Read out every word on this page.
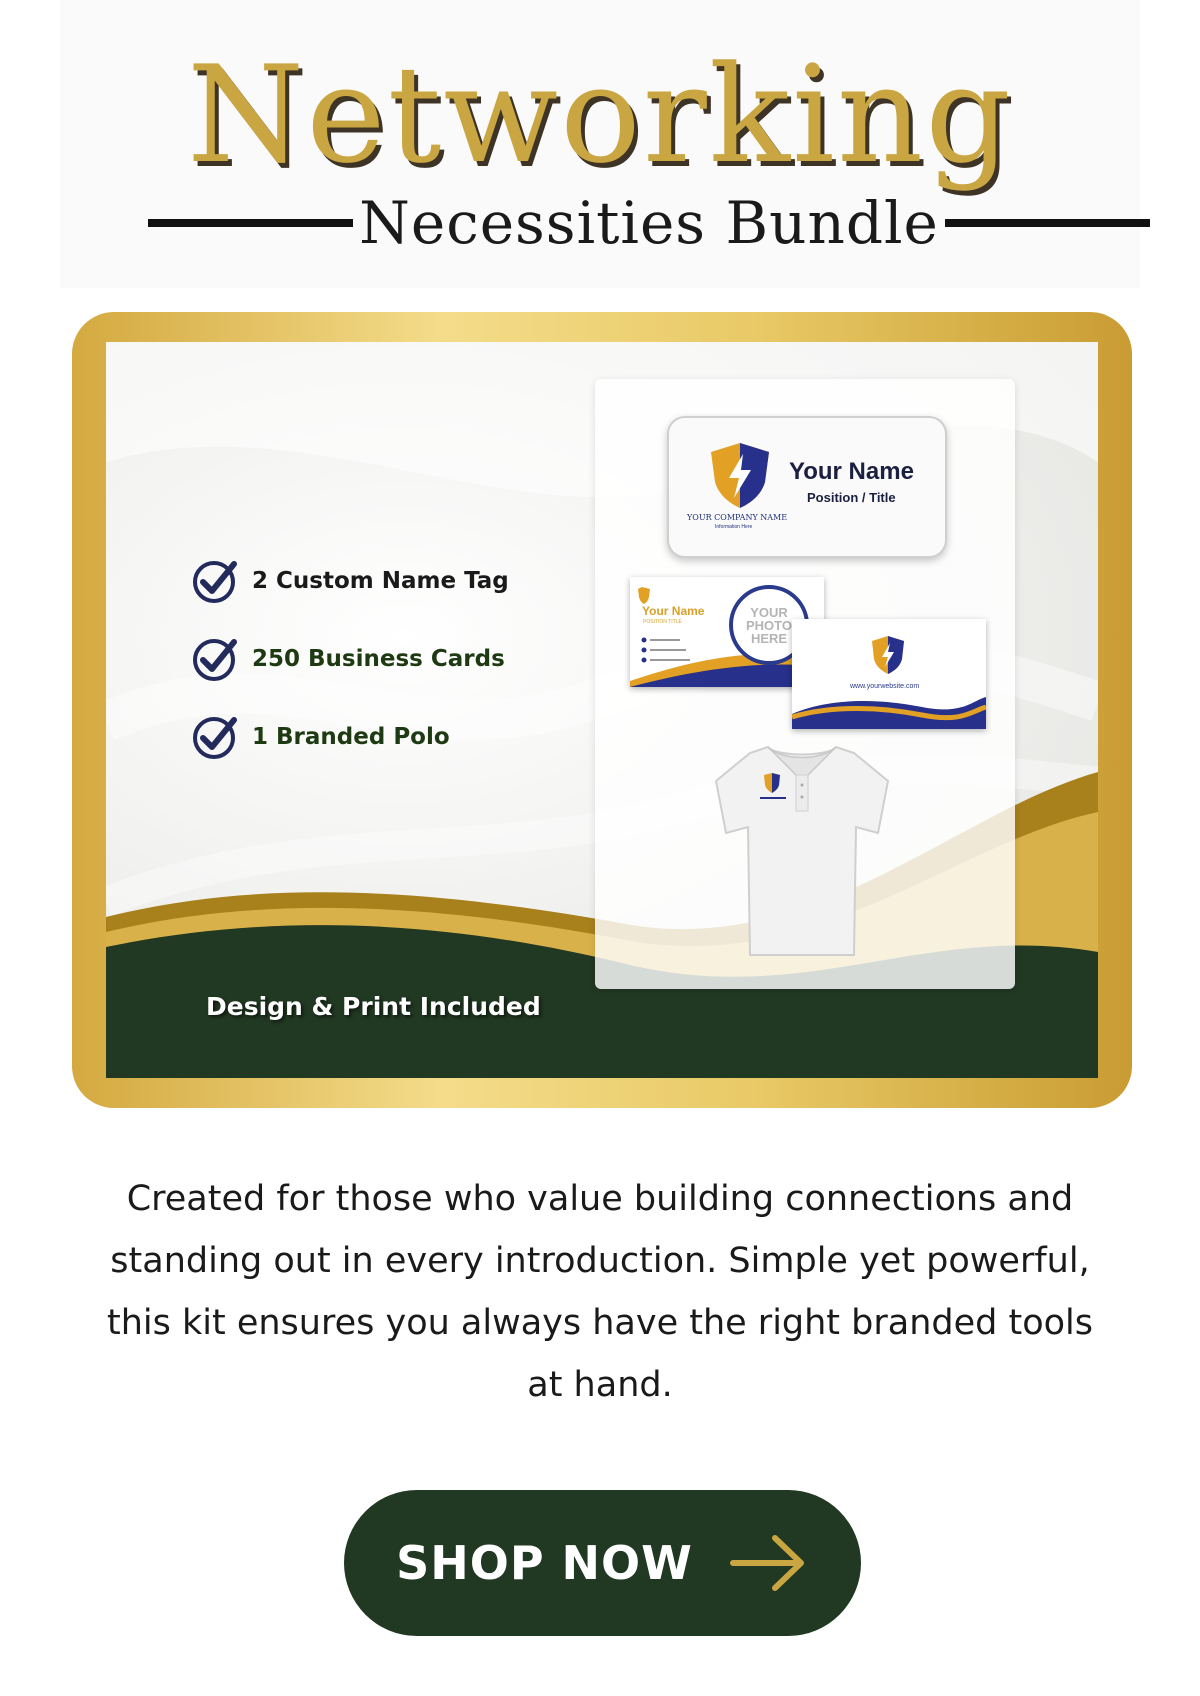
Networking
Necessities Bundle
2 Custom Name Tag
250 Business Cards
1 Branded Polo
Design & Print Included
Your Name
Position / Title
YOUR COMPANY NAME
Information Here
Your Name
POSITION TITLE
YOUR PHOTO HERE
www.yourwebsite.com
Created for those who value building connections and standing out in every introduction. Simple yet powerful, this kit ensures you always have the right branded tools at hand.
SHOP NOW
